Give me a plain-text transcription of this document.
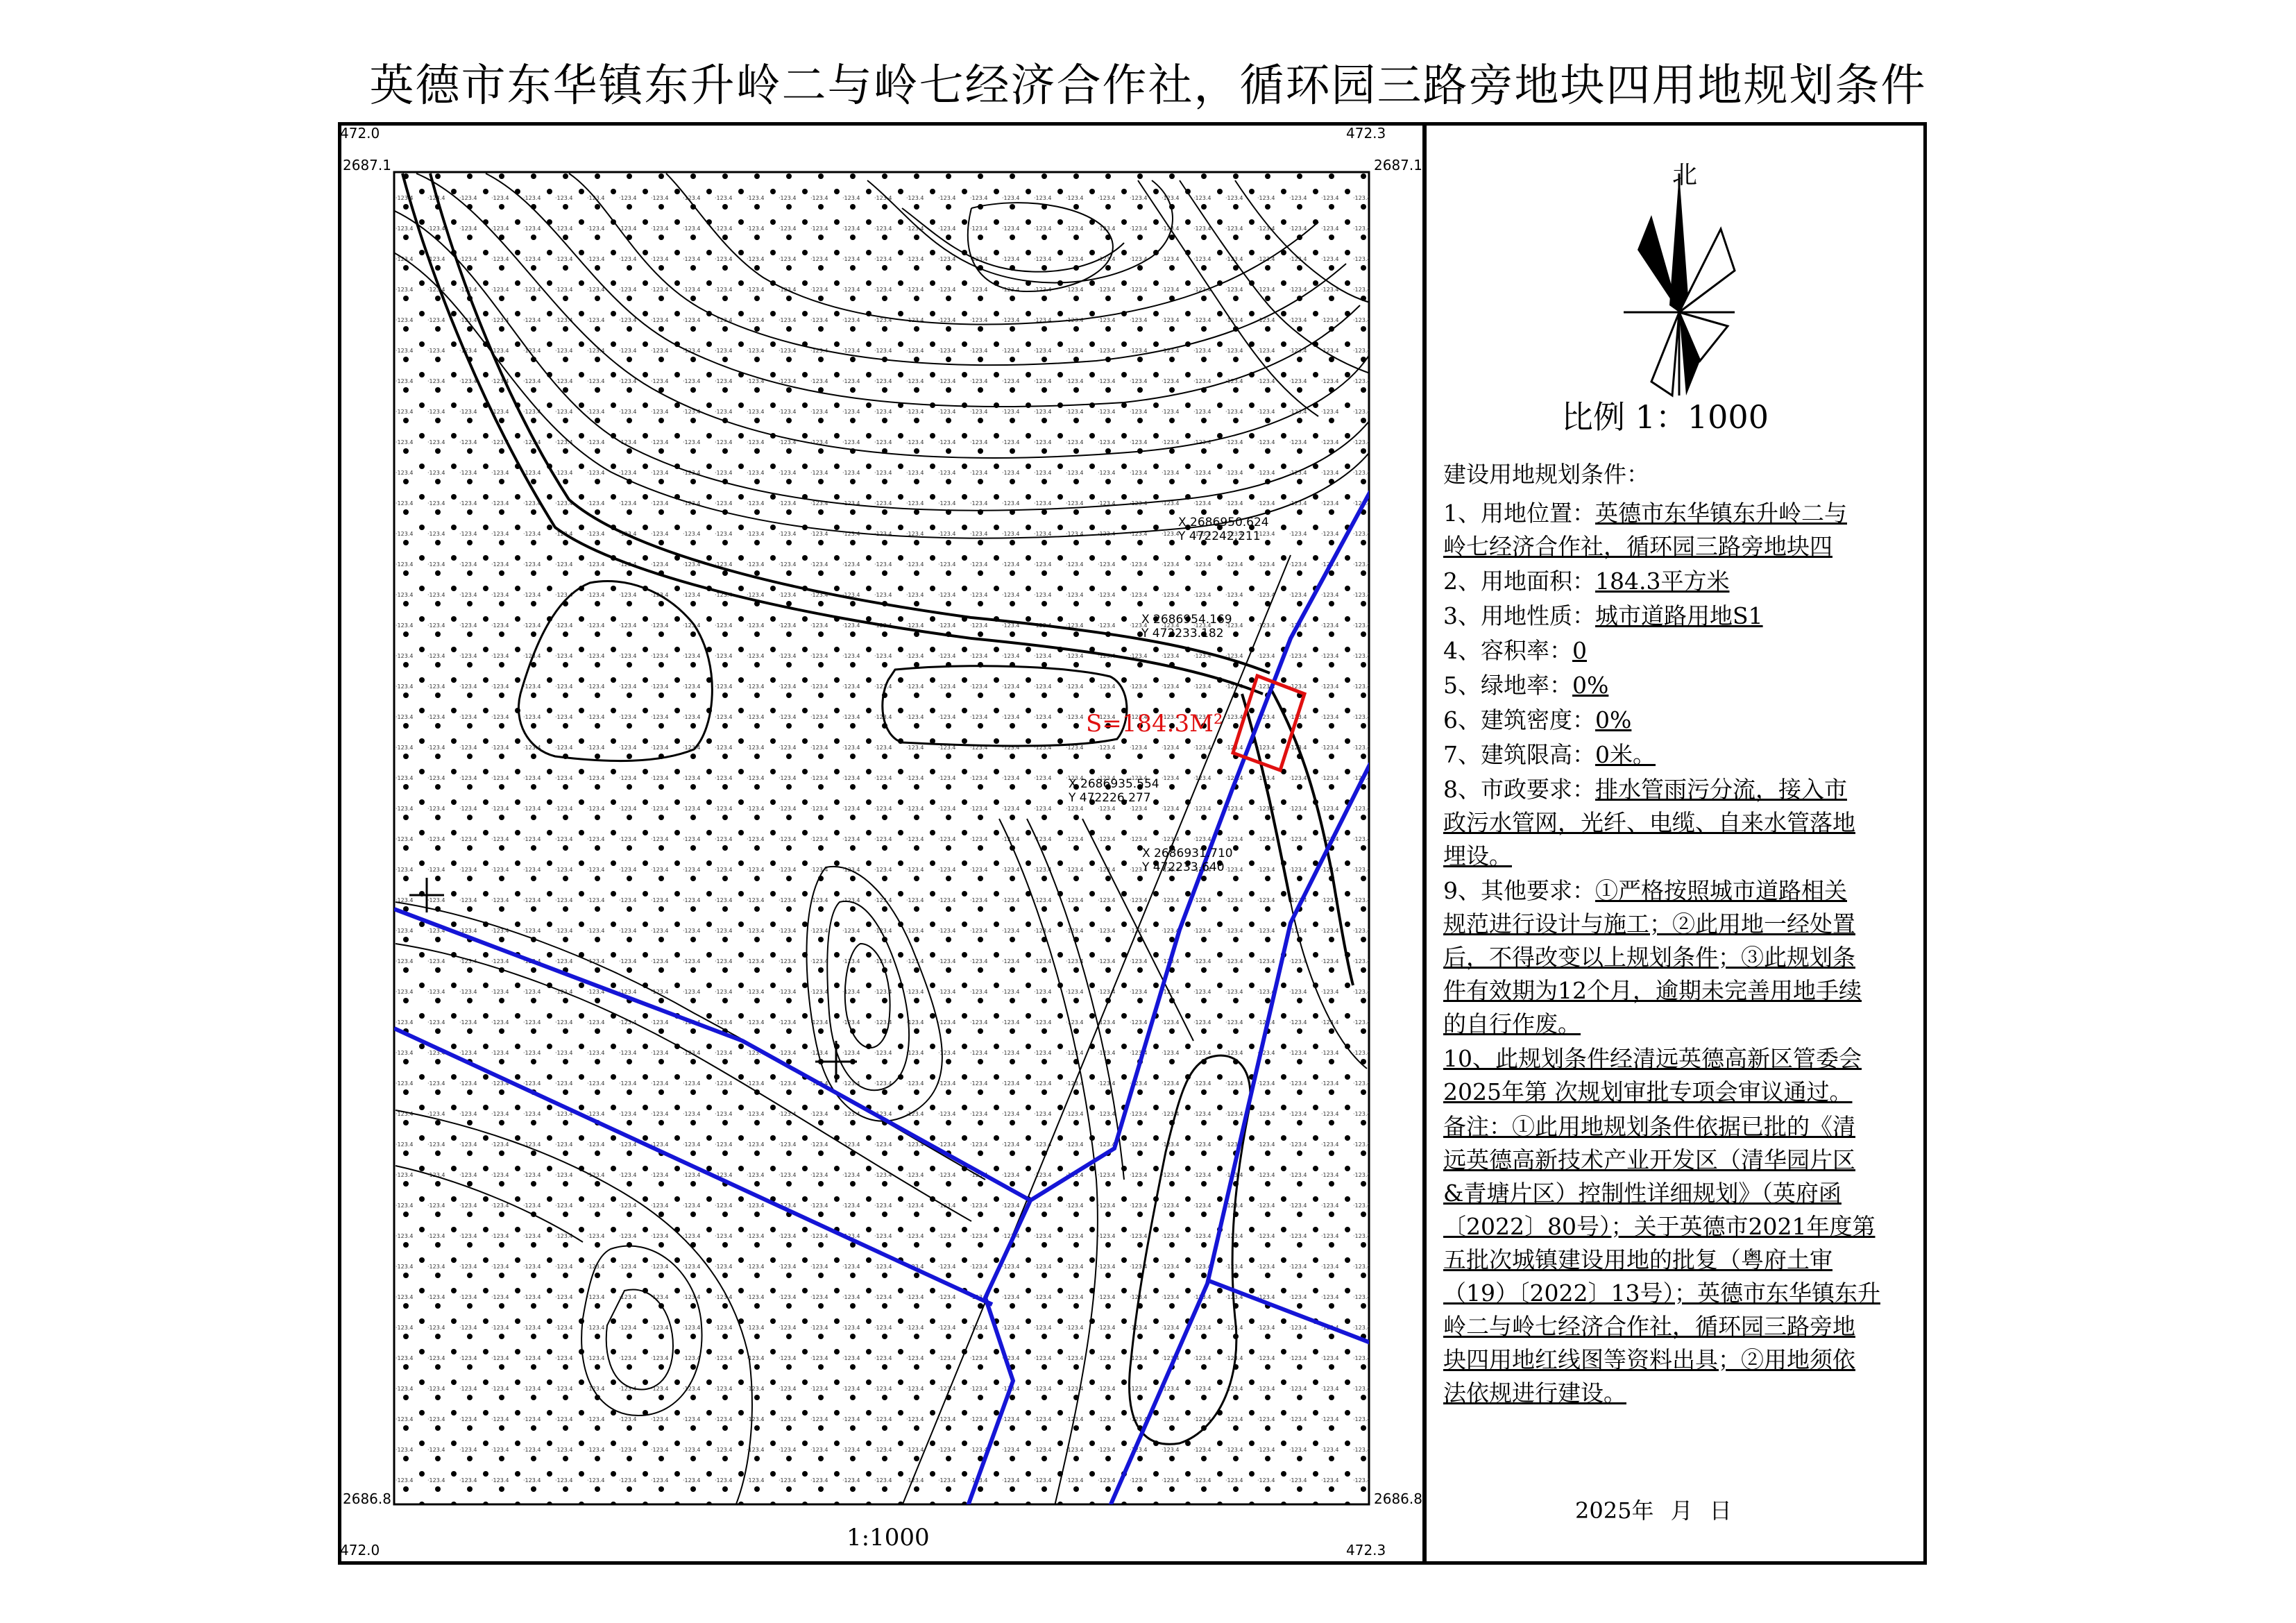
英德市东华镇东升岭二与岭七经济合作社，循环园三路旁地块四用地规划条件
472.0	472.3
2687.1	2687.1
2686.8	2686.8
472.0	472.3
X 2686950.624
Y 472242.211
X 2686954.169
Y 472233.182
X 2686935.554
Y 472226.277
X 2686931.710
Y 472233.640
S=184.3M²
1:1000
北
比例 1：1000
建设用地规划条件：
1、用地位置：英德市东华镇东升岭二与
岭七经济合作社，循环园三路旁地块四
2、用地面积：184.3平方米
3、用地性质：城市道路用地S1
4、容积率：0
5、绿地率：0%
6、建筑密度：0%
7、建筑限高：0米。
8、市政要求：排水管雨污分流，接入市
政污水管网，光纤、电缆、自来水管落地
埋设。
9、其他要求：①严格按照城市道路相关
规范进行设计与施工；②此用地一经处置
后，不得改变以上规划条件；③此规划条
件有效期为12个月，逾期未完善用地手续
的自行作废。
10、此规划条件经清远英德高新区管委会
2025年第 次规划审批专项会审议通过。
备注：①此用地规划条件依据已批的《清
远英德高新技术产业开发区（清华园片区
&青塘片区）控制性详细规划》（英府函
〔2022〕80号）；关于英德市2021年度第
五批次城镇建设用地的批复（粤府土审
（19）〔2022〕13号）；英德市东华镇东升
岭二与岭七经济合作社，循环园三路旁地
块四用地红线图等资料出具；②用地须依
法依规进行建设。
2025年 月 日
